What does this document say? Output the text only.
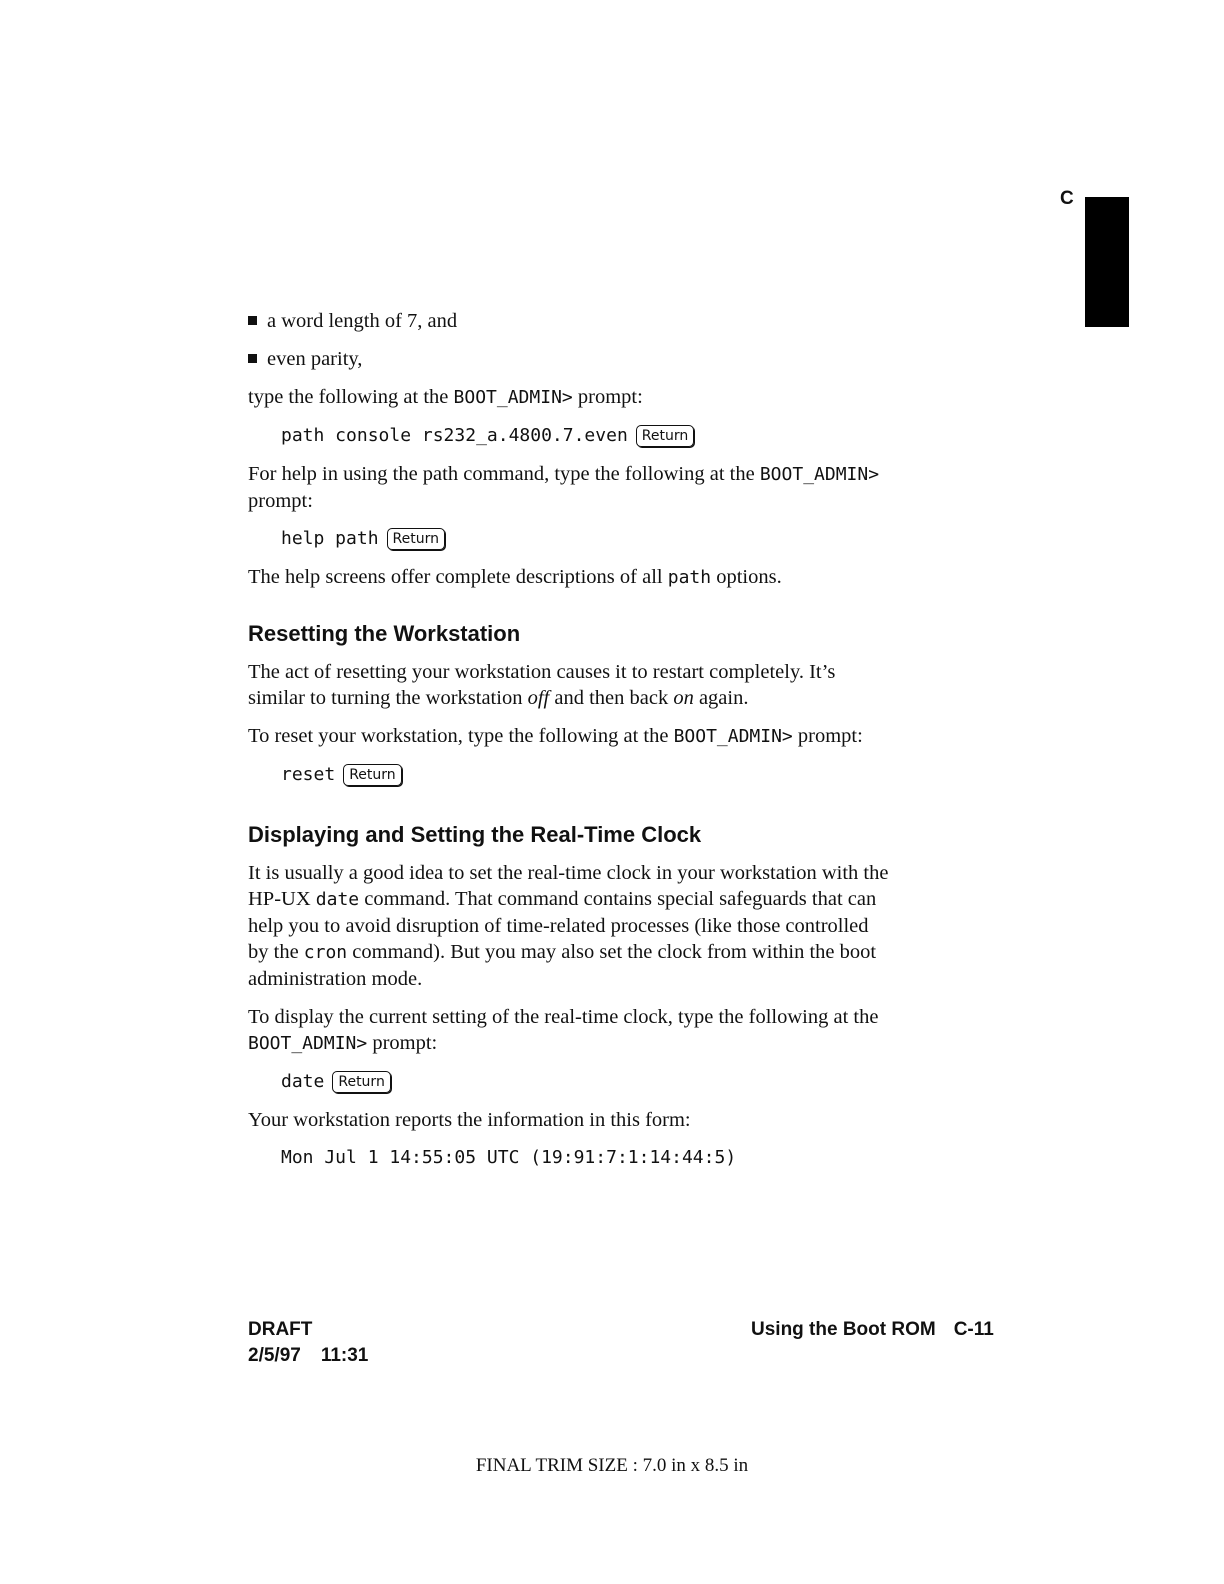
C

a word length of 7, and

even parity,

type the following at the BOOT_ADMIN> prompt:

path console rs232_a.4800.7.even Return

For help in using the path command, type the following at the BOOT_ADMIN>
prompt:

help path Return

The help screens offer complete descriptions of all path options.

Resetting the Workstation

The act of resetting your workstation causes it to restart completely. It’s
similar to turning the workstation off and then back on again.

To reset your workstation, type the following at the BOOT_ADMIN> prompt:

reset Return

Displaying and Setting the Real-Time Clock

It is usually a good idea to set the real-time clock in your workstation with the
HP-UX date command. That command contains special safeguards that can
help you to avoid disruption of time-related processes (like those controlled
by the cron command). But you may also set the clock from within the boot
administration mode.

To display the current setting of the real-time clock, type the following at the
BOOT_ADMIN> prompt:

date Return

Your workstation reports the information in this form:

Mon Jul 1 14:55:05 UTC (19:91:7:1:14:44:5)

DRAFT
2/5/97 11:31
Using the Boot ROM C-11
FINAL TRIM SIZE : 7.0 in x 8.5 in
